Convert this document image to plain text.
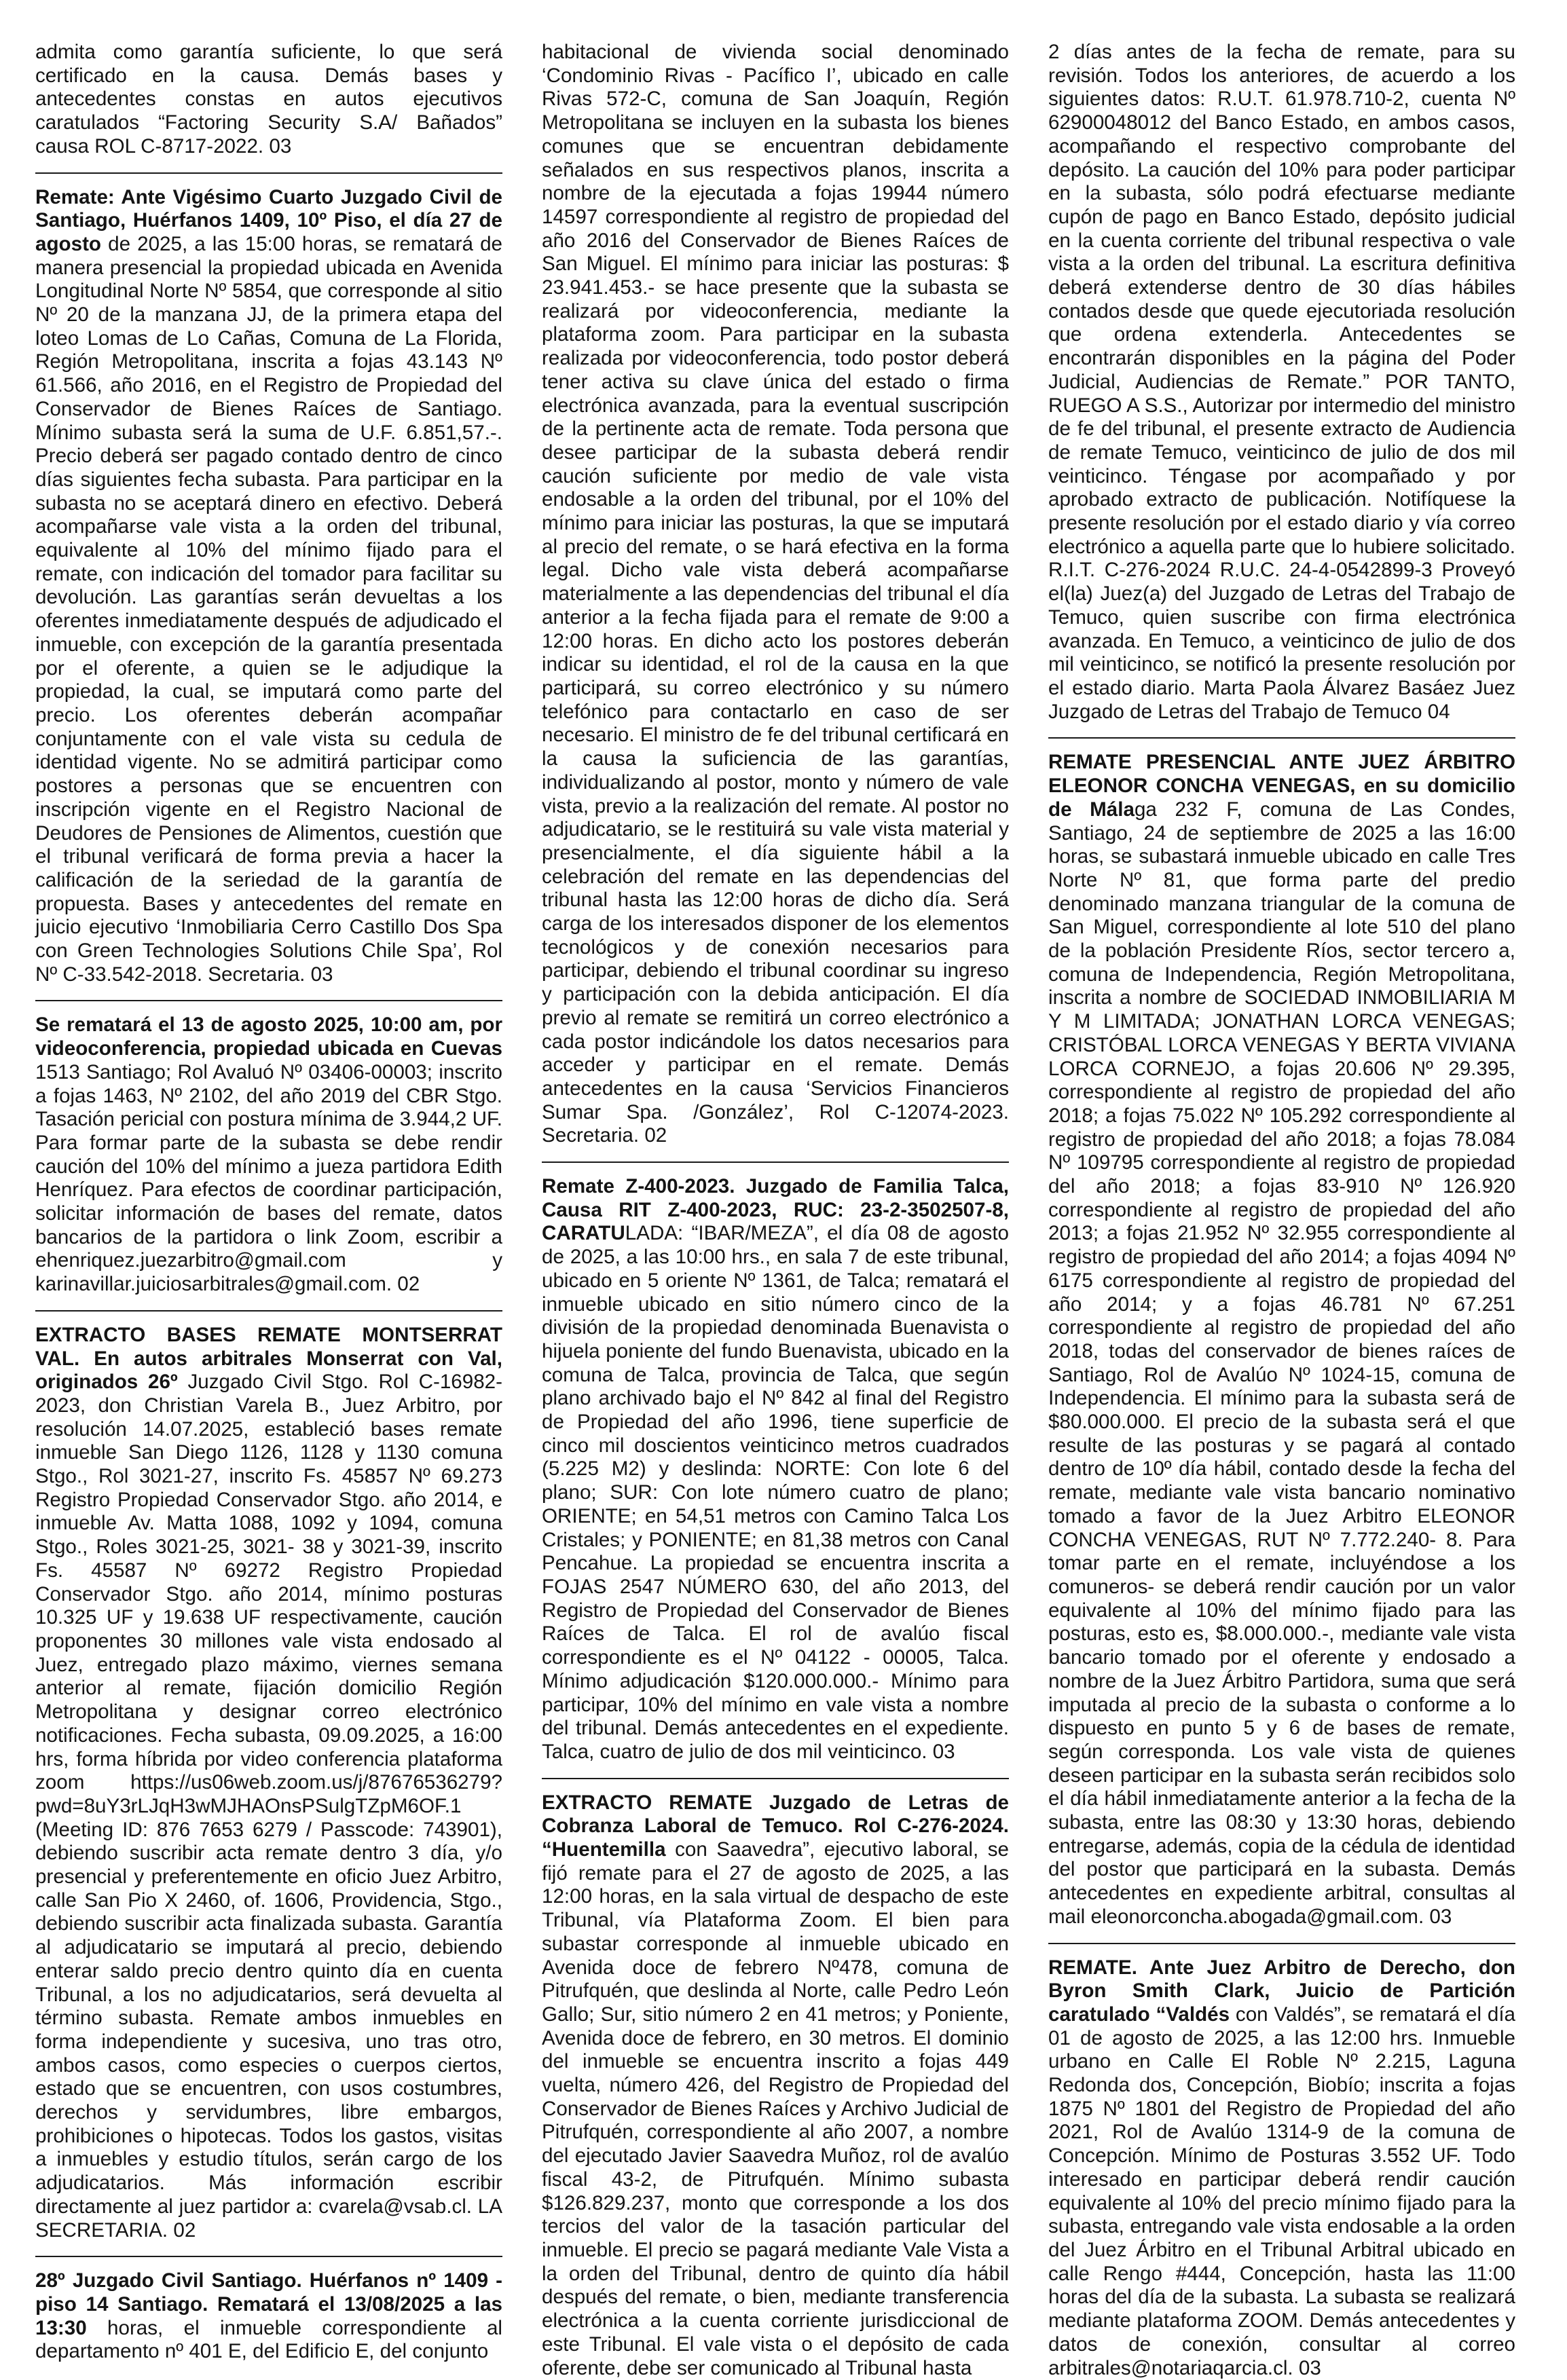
admita como garantía suficiente, lo que será certificado en la causa. Demás bases y antecedentes constas en autos ejecutivos caratulados “Factoring Security S.A/ Bañados” causa ROL C-8717-2022. 03

Remate: Ante Vigésimo Cuarto Juzgado Civil de Santiago, Huérfanos 1409, 10º Piso, el día 27 de agosto de 2025, a las 15:00 horas, se rematará de manera presencial la propiedad ubicada en Avenida Longitudinal Norte Nº 5854, que corresponde al sitio Nº 20 de la manzana JJ, de la primera etapa del loteo Lomas de Lo Cañas, Comuna de La Florida, Región Metropolitana, inscrita a fojas 43.143 Nº 61.566, año 2016, en el Registro de Propiedad del Conservador de Bienes Raíces de Santiago. Mínimo subasta será la suma de U.F. 6.851,57.-. Precio deberá ser pagado contado dentro de cinco días siguientes fecha subasta. Para participar en la subasta no se aceptará dinero en efectivo. Deberá acompañarse vale vista a la orden del tribunal, equivalente al 10% del mínimo fijado para el remate, con indicación del tomador para facilitar su devolución. Las garantías serán devueltas a los oferentes inmediatamente después de adjudicado el inmueble, con excepción de la garantía presentada por el oferente, a quien se le adjudique la propiedad, la cual, se imputará como parte del precio. Los oferentes deberán acompañar conjuntamente con el vale vista su cedula de identidad vigente. No se admitirá participar como postores a personas que se encuentren con inscripción vigente en el Registro Nacional de Deudores de Pensiones de Alimentos, cuestión que el tribunal verificará de forma previa a hacer la calificación de la seriedad de la garantía de propuesta. Bases y antecedentes del remate en juicio ejecutivo ‘Inmobiliaria Cerro Castillo Dos Spa con Green Technologies Solutions Chile Spa’, Rol Nº C-33.542-2018. Secretaria. 03

Se rematará el 13 de agosto 2025, 10:00 am, por videoconferencia, propiedad ubicada en Cuevas 1513 Santiago; Rol Avaluó Nº 03406-00003; inscrito a fojas 1463, Nº 2102, del año 2019 del CBR Stgo. Tasación pericial con postura mínima de 3.944,2 UF. Para formar parte de la subasta se debe rendir caución del 10% del mínimo a jueza partidora Edith Henríquez. Para efectos de coordinar participación, solicitar información de bases del remate, datos bancarios de la partidora o link Zoom, escribir a ehenriquez.juezarbitro@gmail.com y karinavillar.juiciosarbitrales@gmail.com. 02

EXTRACTO BASES REMATE MONTSERRAT VAL. En autos arbitrales Monserrat con Val, originados 26º Juzgado Civil Stgo. Rol C-16982-2023, don Christian Varela B., Juez Arbitro, por resolución 14.07.2025, estableció bases remate inmueble San Diego 1126, 1128 y 1130 comuna Stgo., Rol 3021-27, inscrito Fs. 45857 Nº 69.273 Registro Propiedad Conservador Stgo. año 2014, e inmueble Av. Matta 1088, 1092 y 1094, comuna Stgo., Roles 3021-25, 3021- 38 y 3021-39, inscrito Fs. 45587 Nº 69272 Registro Propiedad Conservador Stgo. año 2014, mínimo posturas 10.325 UF y 19.638 UF respectivamente, caución proponentes 30 millones vale vista endosado al Juez, entregado plazo máximo, viernes semana anterior al remate, fijación domicilio Región Metropolitana y designar correo electrónico notificaciones. Fecha subasta, 09.09.2025, a 16:00 hrs, forma híbrida por video conferencia plataforma zoom https://us06web.zoom.us/j/87676536279?pwd=8uY3rLJqH3wMJHAOnsPSulgTZpM6OF.1 (Meeting ID: 876 7653 6279 / Passcode: 743901), debiendo suscribir acta remate dentro 3 día, y/o presencial y preferentemente en oficio Juez Arbitro, calle San Pio X 2460, of. 1606, Providencia, Stgo., debiendo suscribir acta finalizada subasta. Garantía al adjudicatario se imputará al precio, debiendo enterar saldo precio dentro quinto día en cuenta Tribunal, a los no adjudicatarios, será devuelta al término subasta. Remate ambos inmuebles en forma independiente y sucesiva, uno tras otro, ambos casos, como especies o cuerpos ciertos, estado que se encuentren, con usos costumbres, derechos y servidumbres, libre embargos, prohibiciones o hipotecas. Todos los gastos, visitas a inmuebles y estudio títulos, serán cargo de los adjudicatarios. Más información escribir directamente al juez partidor a: cvarela@vsab.cl. LA SECRETARIA. 02

28º Juzgado Civil Santiago. Huérfanos nº 1409 - piso 14 Santiago. Rematará el 13/08/2025 a las 13:30 horas, el inmueble correspondiente al departamento nº 401 E, del Edificio E, del conjunto

habitacional de vivienda social denominado ‘Condominio Rivas - Pacífico I’, ubicado en calle Rivas 572-C, comuna de San Joaquín, Región Metropolitana se incluyen en la subasta los bienes comunes que se encuentran debidamente señalados en sus respectivos planos, inscrita a nombre de la ejecutada a fojas 19944 número 14597 correspondiente al registro de propiedad del año 2016 del Conservador de Bienes Raíces de San Miguel. El mínimo para iniciar las posturas: $ 23.941.453.- se hace presente que la subasta se realizará por videoconferencia, mediante la plataforma zoom. Para participar en la subasta realizada por videoconferencia, todo postor deberá tener activa su clave única del estado o firma electrónica avanzada, para la eventual suscripción de la pertinente acta de remate. Toda persona que desee participar de la subasta deberá rendir caución suficiente por medio de vale vista endosable a la orden del tribunal, por el 10% del mínimo para iniciar las posturas, la que se imputará al precio del remate, o se hará efectiva en la forma legal. Dicho vale vista deberá acompañarse materialmente a las dependencias del tribunal el día anterior a la fecha fijada para el remate de 9:00 a 12:00 horas. En dicho acto los postores deberán indicar su identidad, el rol de la causa en la que participará, su correo electrónico y su número telefónico para contactarlo en caso de ser necesario. El ministro de fe del tribunal certificará en la causa la suficiencia de las garantías, individualizando al postor, monto y número de vale vista, previo a la realización del remate. Al postor no adjudicatario, se le restituirá su vale vista material y presencialmente, el día siguiente hábil a la celebración del remate en las dependencias del tribunal hasta las 12:00 horas de dicho día. Será carga de los interesados disponer de los elementos tecnológicos y de conexión necesarios para participar, debiendo el tribunal coordinar su ingreso y participación con la debida anticipación. El día previo al remate se remitirá un correo electrónico a cada postor indicándole los datos necesarios para acceder y participar en el remate. Demás antecedentes en la causa ‘Servicios Financieros Sumar Spa. /González’, Rol C-12074-2023. Secretaria. 02

Remate Z-400-2023. Juzgado de Familia Talca, Causa RIT Z-400-2023, RUC: 23-2-3502507-8, CARATULADA: “IBAR/MEZA”, el día 08 de agosto de 2025, a las 10:00 hrs., en sala 7 de este tribunal, ubicado en 5 oriente Nº 1361, de Talca; rematará el inmueble ubicado en sitio número cinco de la división de la propiedad denominada Buenavista o hijuela poniente del fundo Buenavista, ubicado en la comuna de Talca, provincia de Talca, que según plano archivado bajo el Nº 842 al final del Registro de Propiedad del año 1996, tiene superficie de cinco mil doscientos veinticinco metros cuadrados (5.225 M2) y deslinda: NORTE: Con lote 6 del plano; SUR: Con lote número cuatro de plano; ORIENTE; en 54,51 metros con Camino Talca Los Cristales; y PONIENTE; en 81,38 metros con Canal Pencahue. La propiedad se encuentra inscrita a FOJAS 2547 NÚMERO 630, del año 2013, del Registro de Propiedad del Conservador de Bienes Raíces de Talca. El rol de avalúo fiscal correspondiente es el Nº 04122 - 00005, Talca. Mínimo adjudicación $120.000.000.- Mínimo para participar, 10% del mínimo en vale vista a nombre del tribunal. Demás antecedentes en el expediente. Talca, cuatro de julio de dos mil veinticinco. 03

EXTRACTO REMATE Juzgado de Letras de Cobranza Laboral de Temuco. Rol C-276-2024. “Huentemilla con Saavedra”, ejecutivo laboral, se fijó remate para el 27 de agosto de 2025, a las 12:00 horas, en la sala virtual de despacho de este Tribunal, vía Plataforma Zoom. El bien para subastar corresponde al inmueble ubicado en Avenida doce de febrero Nº478, comuna de Pitrufquén, que deslinda al Norte, calle Pedro León Gallo; Sur, sitio número 2 en 41 metros; y Poniente, Avenida doce de febrero, en 30 metros. El dominio del inmueble se encuentra inscrito a fojas 449 vuelta, número 426, del Registro de Propiedad del Conservador de Bienes Raíces y Archivo Judicial de Pitrufquén, correspondiente al año 2007, a nombre del ejecutado Javier Saavedra Muñoz, rol de avalúo fiscal 43-2, de Pitrufquén. Mínimo subasta $126.829.237, monto que corresponde a los dos tercios del valor de la tasación particular del inmueble. El precio se pagará mediante Vale Vista a la orden del Tribunal, dentro de quinto día hábil después del remate, o bien, mediante transferencia electrónica a la cuenta corriente jurisdiccional de este Tribunal. El vale vista o el depósito de cada oferente, debe ser comunicado al Tribunal hasta

2 días antes de la fecha de remate, para su revisión. Todos los anteriores, de acuerdo a los siguientes datos: R.U.T. 61.978.710-2, cuenta Nº 62900048012 del Banco Estado, en ambos casos, acompañando el respectivo comprobante del depósito. La caución del 10% para poder participar en la subasta, sólo podrá efectuarse mediante cupón de pago en Banco Estado, depósito judicial en la cuenta corriente del tribunal respectiva o vale vista a la orden del tribunal. La escritura definitiva deberá extenderse dentro de 30 días hábiles contados desde que quede ejecutoriada resolución que ordena extenderla. Antecedentes se encontrarán disponibles en la página del Poder Judicial, Audiencias de Remate.” POR TANTO, RUEGO A S.S., Autorizar por intermedio del ministro de fe del tribunal, el presente extracto de Audiencia de remate Temuco, veinticinco de julio de dos mil veinticinco. Téngase por acompañado y por aprobado extracto de publicación. Notifíquese la presente resolución por el estado diario y vía correo electrónico a aquella parte que lo hubiere solicitado. R.I.T. C-276-2024 R.U.C. 24-4-0542899-3 Proveyó el(la) Juez(a) del Juzgado de Letras del Trabajo de Temuco, quien suscribe con firma electrónica avanzada. En Temuco, a veinticinco de julio de dos mil veinticinco, se notificó la presente resolución por el estado diario. Marta Paola Álvarez Basáez Juez Juzgado de Letras del Trabajo de Temuco 04

REMATE PRESENCIAL ANTE JUEZ ÁRBITRO ELEONOR CONCHA VENEGAS, en su domicilio de Málaga 232 F, comuna de Las Condes, Santiago, 24 de septiembre de 2025 a las 16:00 horas, se subastará inmueble ubicado en calle Tres Norte Nº 81, que forma parte del predio denominado manzana triangular de la comuna de San Miguel, correspondiente al lote 510 del plano de la población Presidente Ríos, sector tercero a, comuna de Independencia, Región Metropolitana, inscrita a nombre de SOCIEDAD INMOBILIARIA M Y M LIMITADA; JONATHAN LORCA VENEGAS; CRISTÓBAL LORCA VENEGAS Y BERTA VIVIANA LORCA CORNEJO, a fojas 20.606 Nº 29.395, correspondiente al registro de propiedad del año 2018; a fojas 75.022 Nº 105.292 correspondiente al registro de propiedad del año 2018; a fojas 78.084 Nº 109795 correspondiente al registro de propiedad del año 2018; a fojas 83-910 Nº 126.920 correspondiente al registro de propiedad del año 2013; a fojas 21.952 Nº 32.955 correspondiente al registro de propiedad del año 2014; a fojas 4094 Nº 6175 correspondiente al registro de propiedad del año 2014; y a fojas 46.781 Nº 67.251 correspondiente al registro de propiedad del año 2018, todas del conservador de bienes raíces de Santiago, Rol de Avalúo Nº 1024-15, comuna de Independencia. El mínimo para la subasta será de $80.000.000. El precio de la subasta será el que resulte de las posturas y se pagará al contado dentro de 10º día hábil, contado desde la fecha del remate, mediante vale vista bancario nominativo tomado a favor de la Juez Arbitro ELEONOR CONCHA VENEGAS, RUT Nº 7.772.240- 8. Para tomar parte en el remate, incluyéndose a los comuneros- se deberá rendir caución por un valor equivalente al 10% del mínimo fijado para las posturas, esto es, $8.000.000.-, mediante vale vista bancario tomado por el oferente y endosado a nombre de la Juez Árbitro Partidora, suma que será imputada al precio de la subasta o conforme a lo dispuesto en punto 5 y 6 de bases de remate, según corresponda. Los vale vista de quienes deseen participar en la subasta serán recibidos solo el día hábil inmediatamente anterior a la fecha de la subasta, entre las 08:30 y 13:30 horas, debiendo entregarse, además, copia de la cédula de identidad del postor que participará en la subasta. Demás antecedentes en expediente arbitral, consultas al mail eleonorconcha.abogada@gmail.com. 03

REMATE. Ante Juez Arbitro de Derecho, don Byron Smith Clark, Juicio de Partición caratulado “Valdés con Valdés”, se rematará el día 01 de agosto de 2025, a las 12:00 hrs. Inmueble urbano en Calle El Roble Nº 2.215, Laguna Redonda dos, Concepción, Biobío; inscrita a fojas 1875 Nº 1801 del Registro de Propiedad del año 2021, Rol de Avalúo 1314-9 de la comuna de Concepción. Mínimo de Posturas 3.552 UF. Todo interesado en participar deberá rendir caución equivalente al 10% del precio mínimo fijado para la subasta, entregando vale vista endosable a la orden del Juez Árbitro en el Tribunal Arbitral ubicado en calle Rengo #444, Concepción, hasta las 11:00 horas del día de la subasta. La subasta se realizará mediante plataforma ZOOM. Demás antecedentes y datos de conexión, consultar al correo arbitrales@notariaqarcia.cl. 03
